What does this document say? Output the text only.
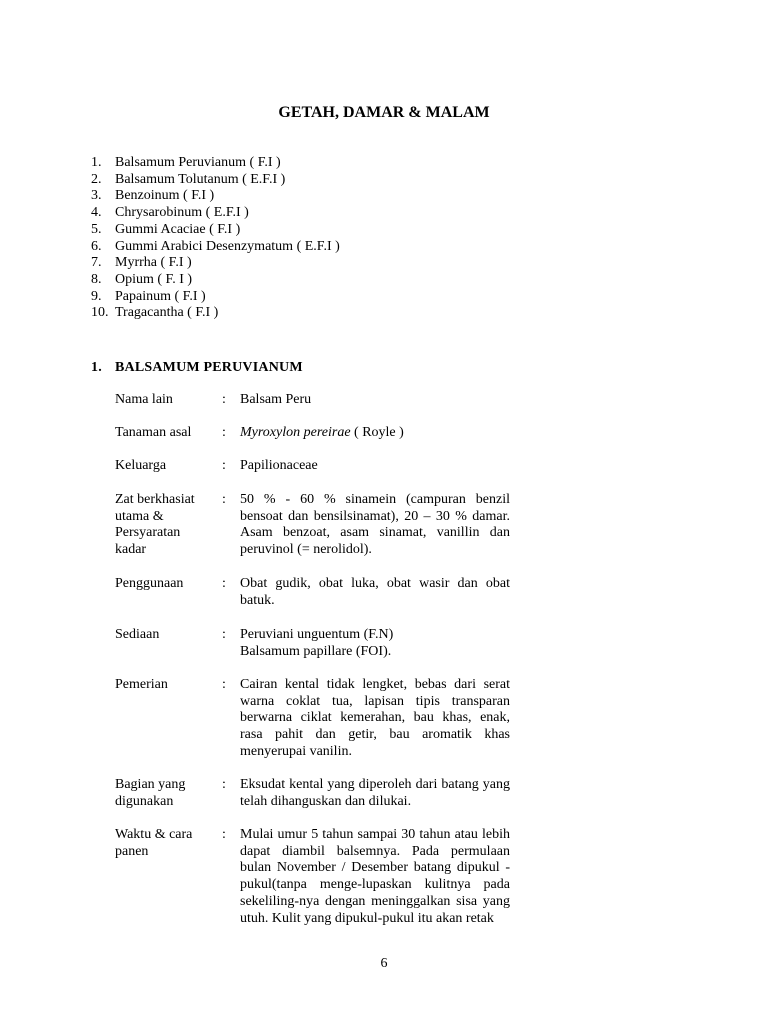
GETAH, DAMAR & MALAM
1. Balsamum Peruvianum ( F.I )
2. Balsamum Tolutanum ( E.F.I )
3. Benzoinum ( F.I )
4. Chrysarobinum ( E.F.I )
5. Gummi Acaciae ( F.I )
6. Gummi Arabici Desenzymatum ( E.F.I )
7. Myrrha ( F.I )
8. Opium ( F. I )
9. Papainum ( F.I )
10. Tragacantha ( F.I )
1. BALSAMUM PERUVIANUM
Nama lain	:	Balsam Peru
Tanaman asal	:	Myroxylon pereirae ( Royle )
Keluarga	:	Papilionaceae
Zat berkhasiat
utama &
Persyaratan
kadar
:	50 % - 60 % sinamein (campuran benzil bensoat dan bensilsinamat), 20 – 30 % damar. Asam benzoat, asam sinamat, vanillin dan peruvinol (= nerolidol).
Penggunaan	:	Obat gudik, obat luka, obat wasir dan obat batuk.
Sediaan	:	Peruviani unguentum (F.N)
Balsamum papillare (FOI).
Pemerian	:	Cairan kental tidak lengket, bebas dari serat warna coklat tua, lapisan tipis transparan berwarna ciklat kemerahan, bau khas, enak, rasa pahit dan getir, bau aromatik khas menyerupai vanilin.
Bagian yang
digunakan
:	Eksudat kental yang diperoleh dari batang yang telah dihanguskan dan dilukai.
Waktu & cara
panen
:	Mulai umur 5 tahun sampai 30 tahun atau lebih dapat diambil balsemnya. Pada permulaan bulan November / Desember batang dipukul - pukul(tanpa menge-lupaskan kulitnya pada sekeliling-nya dengan meninggalkan sisa yang utuh. Kulit yang dipukul-pukul itu akan retak
6
